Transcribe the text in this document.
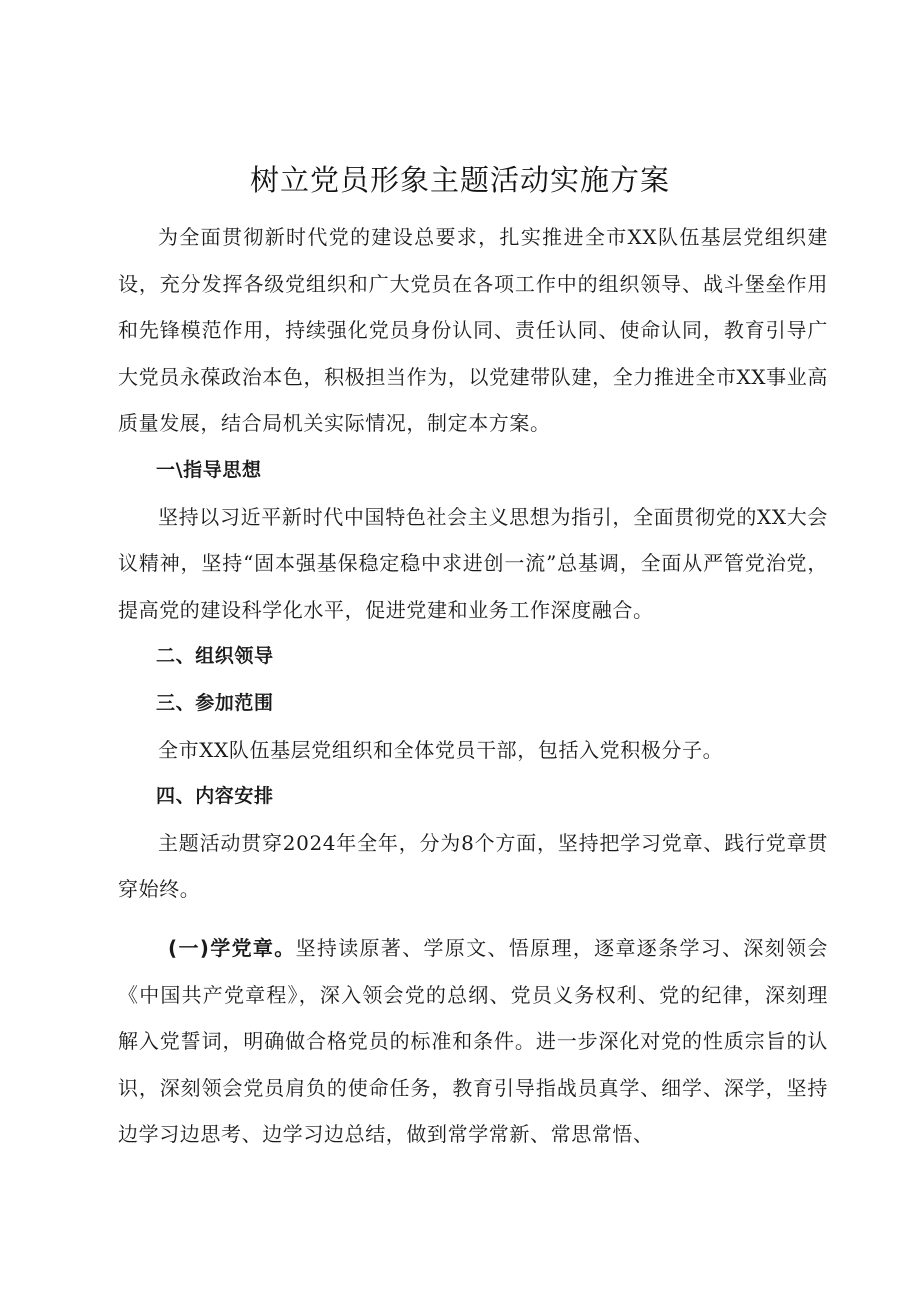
树立党员形象主题活动实施方案

为全面贯彻新时代党的建设总要求，扎实推进全市XX队伍基层党组织建设，充分发挥各级党组织和广大党员在各项工作中的组织领导、战斗堡垒作用和先锋模范作用，持续强化党员身份认同、责任认同、使命认同，教育引导广大党员永葆政治本色，积极担当作为，以党建带队建，全力推进全市XX事业高质量发展，结合局机关实际情况，制定本方案。

一\指导思想

坚持以习近平新时代中国特色社会主义思想为指引，全面贯彻党的XX大会议精神，坚持“固本强基保稳定稳中求进创一流”总基调，全面从严管党治党，提高党的建设科学化水平，促进党建和业务工作深度融合。

二、组织领导

三、参加范围

全市XX队伍基层党组织和全体党员干部，包括入党积极分子。

四、内容安排

主题活动贯穿2024年全年，分为8个方面，坚持把学习党章、践行党章贯穿始终。

(一)学党章。坚持读原著、学原文、悟原理，逐章逐条学习、深刻领会《中国共产党章程》，深入领会党的总纲、党员义务权利、党的纪律，深刻理解入党誓词，明确做合格党员的标准和条件。进一步深化对党的性质宗旨的认识，深刻领会党员肩负的使命任务，教育引导指战员真学、细学、深学，坚持边学习边思考、边学习边总结，做到常学常新、常思常悟、
